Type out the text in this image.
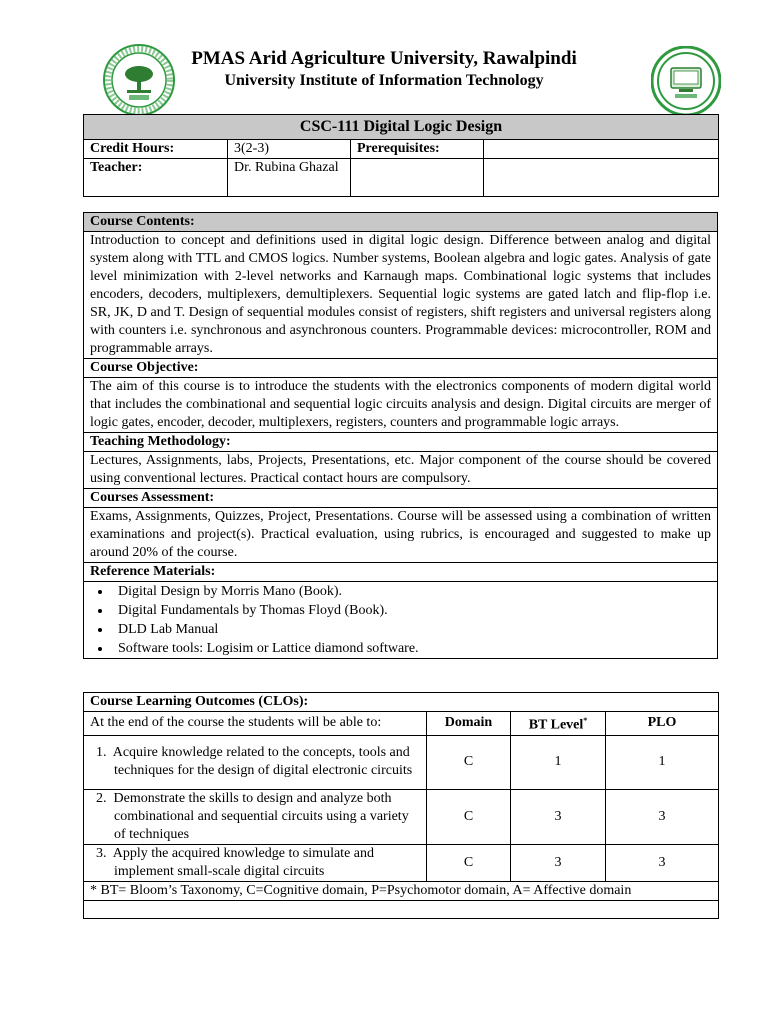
PMAS Arid Agriculture University, Rawalpindi
University Institute of Information Technology
CSC-111 Digital Logic Design			
Credit Hours:	3(2-3)	Prerequisites:	
Teacher:	Dr. Rubina Ghazal		
Course Contents:
Introduction to concept and definitions used in digital logic design. Difference between analog and digital system along with TTL and CMOS logics. Number systems, Boolean algebra and logic gates. Analysis of gate level minimization with 2-level networks and Karnaugh maps. Combinational logic systems that includes encoders, decoders, multiplexers, demultiplexers. Sequential logic systems are gated latch and flip-flop i.e. SR, JK, D and T. Design of sequential modules consist of registers, shift registers and universal registers along with counters i.e. synchronous and asynchronous counters. Programmable devices: microcontroller, ROM and programmable arrays.
Course Objective:
The aim of this course is to introduce the students with the electronics components of modern digital world that includes the combinational and sequential logic circuits analysis and design. Digital circuits are merger of logic gates, encoder, decoder, multiplexers, registers, counters and programmable logic arrays.
Teaching Methodology:
Lectures, Assignments, labs, Projects, Presentations, etc. Major component of the course should be covered using conventional lectures. Practical contact hours are compulsory.
Courses Assessment:
Exams, Assignments, Quizzes, Project, Presentations. Course will be assessed using a combination of written examinations and project(s). Practical evaluation, using rubrics, is encouraged and suggested to make up around 20% of the course.
Reference Materials:

• Digital Design by Morris Mano (Book).
• Digital Fundamentals by Thomas Floyd (Book).
• DLD Lab Manual
• Software tools: Logisim or Lattice diamond software.
Course Learning Outcomes (CLOs):			
At the end of the course the students will be able to:	Domain	BT Level*	PLO

1. Acquire knowledge related to the concepts, tools and techniques for the design of digital electronic circuits	C	1	1

2. Demonstrate the skills to design and analyze both combinational and sequential circuits using a variety of techniques	C	3	3

3. Apply the acquired knowledge to simulate and implement small-scale digital circuits	C	3	3
* BT= Bloom’s Taxonomy, C=Cognitive domain, P=Psychomotor domain, A= Affective domain			
